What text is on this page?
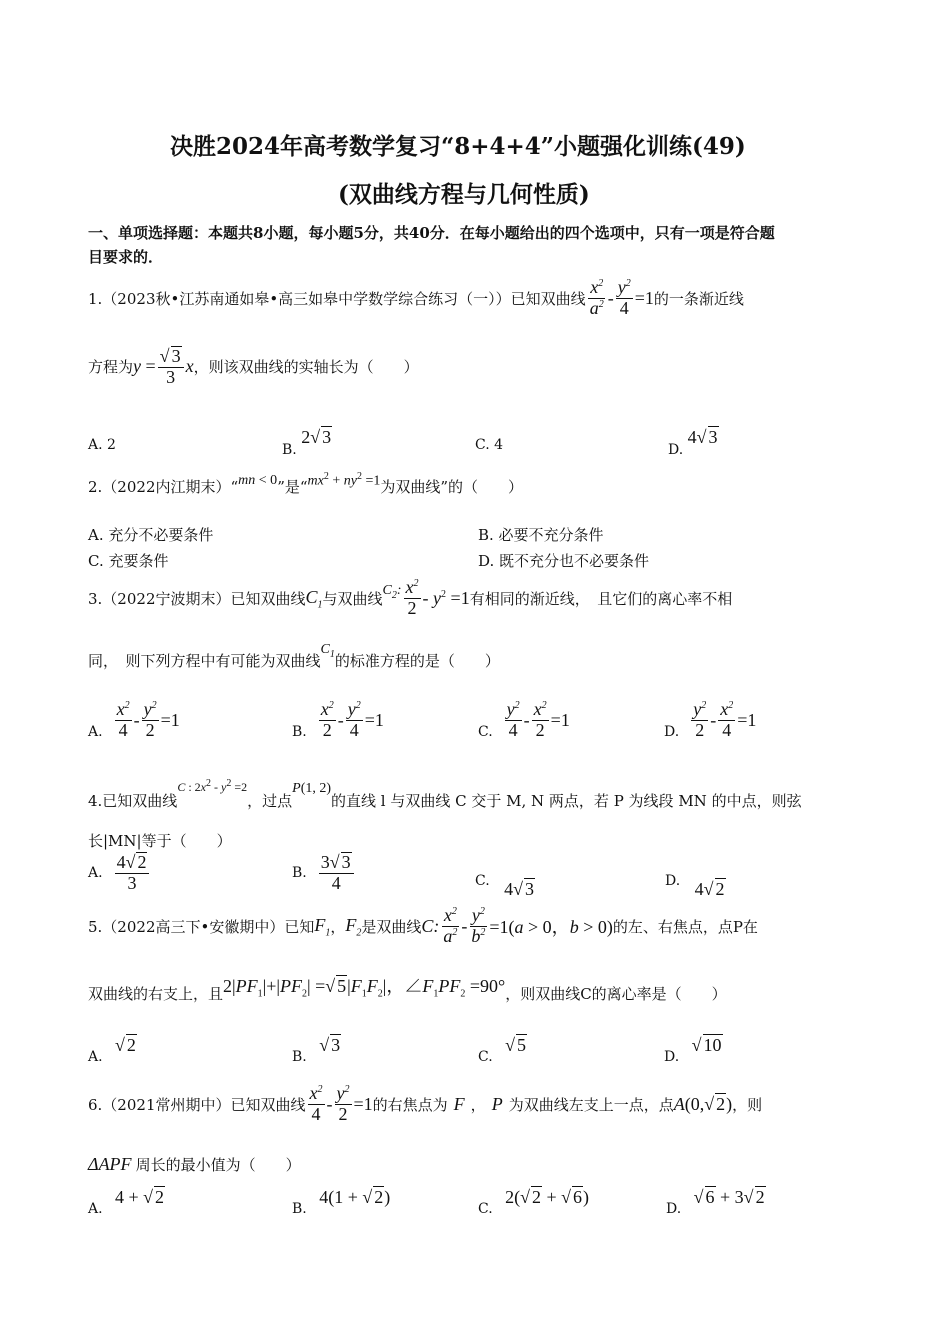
决胜2024年高考数学复习“8+4+4”小题强化训练(49)
(双曲线方程与几何性质)
一、单项选择题：本题共8小题，每小题5分，共40分．在每小题给出的四个选项中，只有一项是符合题
目要求的．
1.（2023秋•江苏南通如皋•高三如皋中学数学综合练习（一））已知双曲线 $\frac{x^2}{a^2} - \frac{y^2}{4} =1$ 的一条渐近线
方程为 $y = \frac{√ 3}{3}$ x ，则该双曲线的实轴长为（　　）
A. 2	B. 2√ 3	C. 4	D. 4√ 3
2.（2022内江期末）“ mn < 0 ”是“ $mx^2 + ny^2 =1$ 为双曲线”的（　　）
A. 充分不必要条件	B. 必要不充分条件
C. 充要条件	D. 既不充分也不必要条件
3.（2022宁波期末）已知双曲线 $C_1$ 与双曲线 $C_2$: $\frac{x^2}{2} - y^2 =1$ 有相同的渐近线，　且它们的离心率不相
同，　则下列方程中有可能为双曲线
$C_1$ 的标准方程的是（　　）
A. $\frac{x^2}{4} - \frac{y^2}{2} =1$
B. $\frac{x^2}{2} - \frac{y^2}{4} =1$
C. $\frac{y^2}{4} - \frac{x^2}{2} =1$
D. $\frac{y^2}{2} - \frac{x^2}{4} =1$
4.已知双曲线
C : $2x^2 - y^2 =2$
，过点
P(1, 2)
的直线 l 与双曲线 C 交于 M, N 两点，若 P 为线段 MN 的中点，则弦
长|MN|等于（　　）
A. $\frac{4√ 2}{3}$	B. $\frac{3√ 3}{4}$	C. 4√ 3	D. 4√ 2
5.（2022高三下•安徽期中）已知 $F_1$ ， $F_2$ 是双曲线 C: $\frac{x^2}{a^2} - \frac{y^2}{b^2} =1(a > 0$，b > 0) 的左、右焦点，点P在
双曲线的右支上，且 $2|PF_1|+|PF_2|$ =√ $5|F_1F_2|$，$\angle F_1PF_2 =90^\circ$ ，则双曲线C的离心率是（　　）
A. √ 2
B. √ 3
C. √ 5
D. √ 10
6.（2021常州期中）已知双曲线 $\frac{x^2}{4} - \frac{y^2}{2} =1$ 的右焦点为 F ， P 为双曲线左支上一点，点 A(0,√ 2) ，则
ΔAPF 周长的最小值为（　　）
A. 4 + √ 2
B. 4(1 + √ 2)
C. 2(√ 2 + √ 6)
D. √ 6 + 3√ 2
